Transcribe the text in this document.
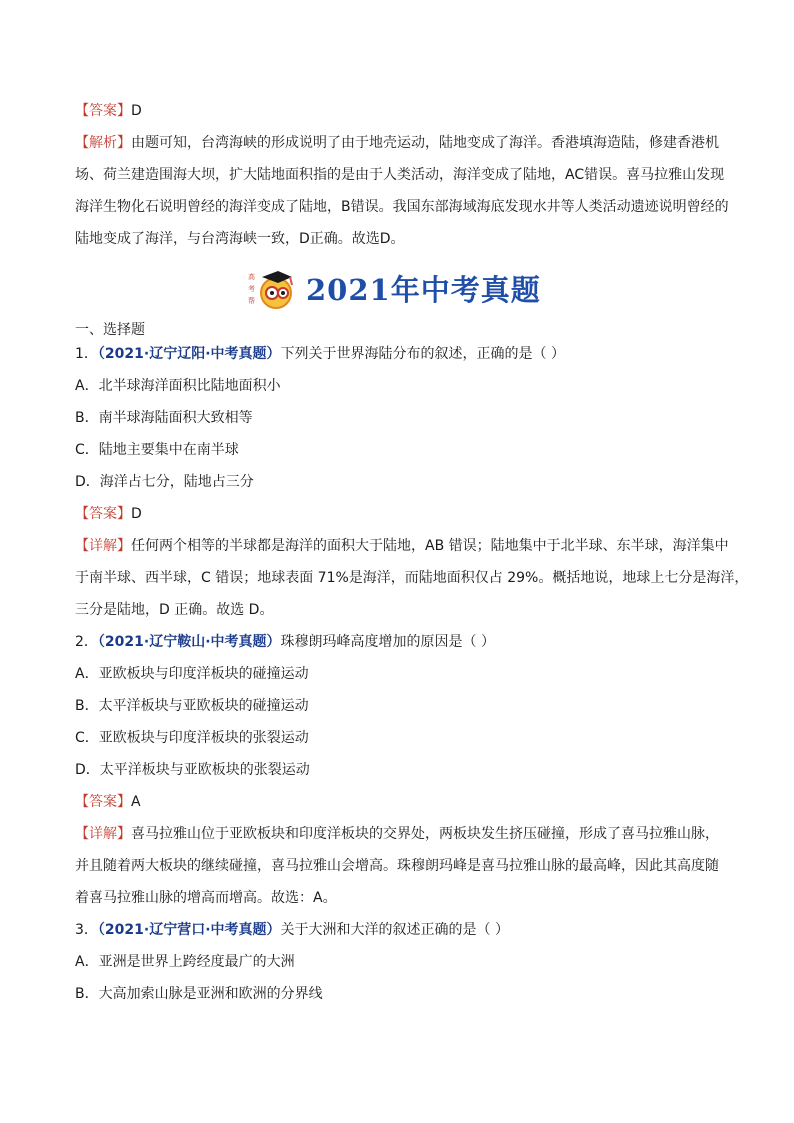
【答案】D
【解析】由题可知，台湾海峡的形成说明了由于地壳运动，陆地变成了海洋。香港填海造陆，修建香港机
场、荷兰建造围海大坝，扩大陆地面积指的是由于人类活动，海洋变成了陆地，AC错误。喜马拉雅山发现
海洋生物化石说明曾经的海洋变成了陆地，B错误。我国东部海域海底发现水井等人类活动遗迹说明曾经的
陆地变成了海洋，与台湾海峡一致，D正确。故选D。
高
考
帮 2021年中考真题
一、选择题
1．（2021·辽宁辽阳·中考真题）下列关于世界海陆分布的叙述，正确的是（ ）
A．北半球海洋面积比陆地面积小
B．南半球海陆面积大致相等
C．陆地主要集中在南半球
D．海洋占七分，陆地占三分
【答案】D
【详解】任何两个相等的半球都是海洋的面积大于陆地，AB 错误；陆地集中于北半球、东半球，海洋集中
于南半球、西半球，C 错误；地球表面 71%是海洋，而陆地面积仅占 29%。概括地说，地球上七分是海洋，
三分是陆地，D 正确。故选 D。
2．（2021·辽宁鞍山·中考真题）珠穆朗玛峰高度增加的原因是（ ）
A．亚欧板块与印度洋板块的碰撞运动
B．太平洋板块与亚欧板块的碰撞运动
C．亚欧板块与印度洋板块的张裂运动
D．太平洋板块与亚欧板块的张裂运动
【答案】A
【详解】喜马拉雅山位于亚欧板块和印度洋板块的交界处，两板块发生挤压碰撞，形成了喜马拉雅山脉，
并且随着两大板块的继续碰撞，喜马拉雅山会增高。珠穆朗玛峰是喜马拉雅山脉的最高峰，因此其高度随
着喜马拉雅山脉的增高而增高。故选：A。
3．（2021·辽宁营口·中考真题）关于大洲和大洋的叙述正确的是（ ）
A．亚洲是世界上跨经度最广的大洲
B．大高加索山脉是亚洲和欧洲的分界线
